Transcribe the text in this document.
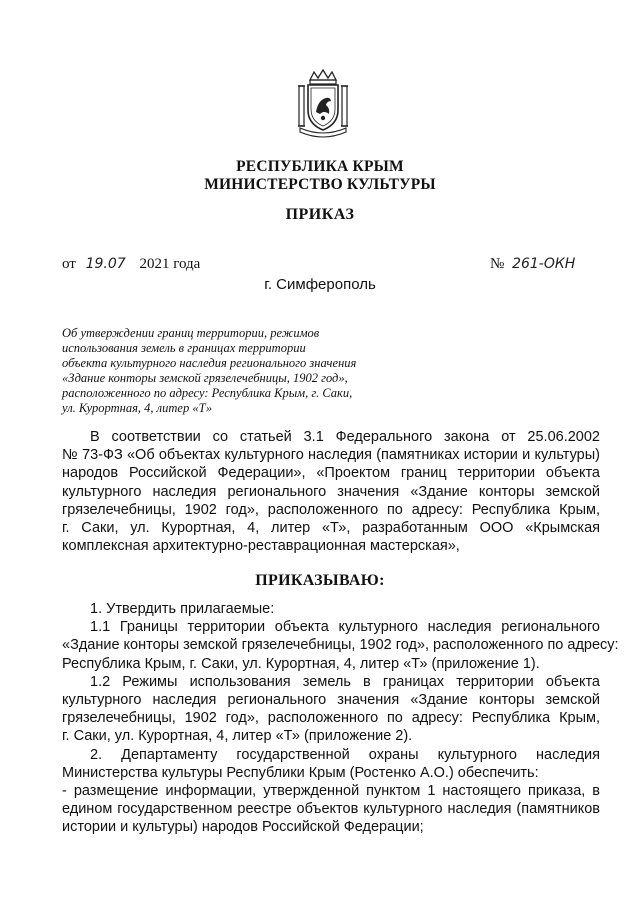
РЕСПУБЛИКА КРЫМ
МИНИСТЕРСТВО КУЛЬТУРЫ
ПРИКАЗ
от 19.07 2021 года	№ 261-ОКН
г. Симферополь
Об утверждении границ территории, режимов
использования земель в границах территории
объекта культурного наследия регионального значения
«Здание конторы земской грязелечебницы, 1902 год»,
расположенного по адресу: Республика Крым, г. Саки,
ул. Курортная, 4, литер «Т»
В соответствии со статьей 3.1 Федерального закона от 25.06.2002
№ 73-ФЗ «Об объектах культурного наследия (памятниках истории и культуры)
народов Российской Федерации», «Проектом границ территории объекта
культурного наследия регионального значения «Здание конторы земской
грязелечебницы, 1902 год», расположенного по адресу: Республика Крым,
г. Саки, ул. Курортная, 4, литер «Т», разработанным ООО «Крымская
комплексная архитектурно-реставрационная мастерская»,
ПРИКАЗЫВАЮ:
1. Утвердить прилагаемые:
1.1 Границы территории объекта культурного наследия регионального
«Здание конторы земской грязелечебницы, 1902 год», расположенного по адресу:
Республика Крым, г. Саки, ул. Курортная, 4, литер «Т» (приложение 1).
1.2 Режимы использования земель в границах территории объекта
культурного наследия регионального значения «Здание конторы земской
грязелечебницы, 1902 год», расположенного по адресу: Республика Крым,
г. Саки, ул. Курортная, 4, литер «Т» (приложение 2).
2. Департаменту государственной охраны культурного наследия
Министерства культуры Республики Крым (Ростенко А.О.) обеспечить:
- размещение информации, утвержденной пунктом 1 настоящего приказа, в
едином государственном реестре объектов культурного наследия (памятников
истории и культуры) народов Российской Федерации;
